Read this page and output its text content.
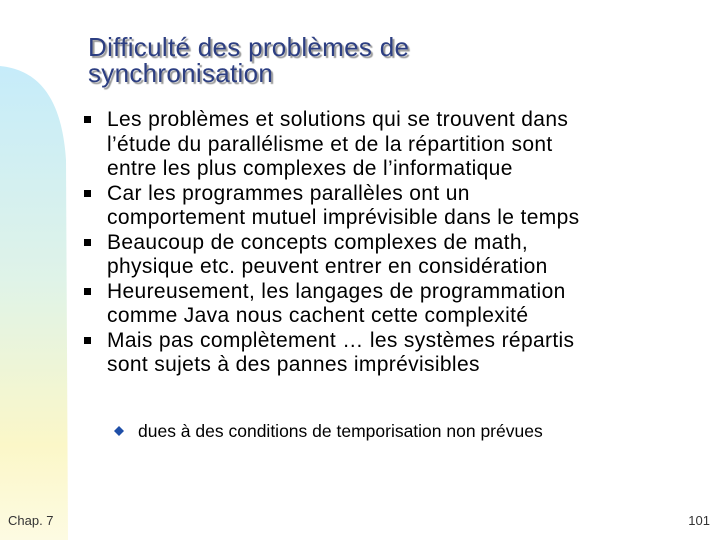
Difficulté des problèmes de
synchronisation
Les problèmes et solutions qui se trouvent dans
l’étude du parallélisme et de la répartition sont
entre les plus complexes de l’informatique
Car les programmes parallèles ont un
comportement mutuel imprévisible dans le temps
Beaucoup de concepts complexes de math,
physique etc. peuvent entrer en considération
Heureusement, les langages de programmation
comme Java nous cachent cette complexité
Mais pas complètement … les systèmes répartis
sont sujets à des pannes imprévisibles
dues à des conditions de temporisation non prévues
Chap. 7	101
